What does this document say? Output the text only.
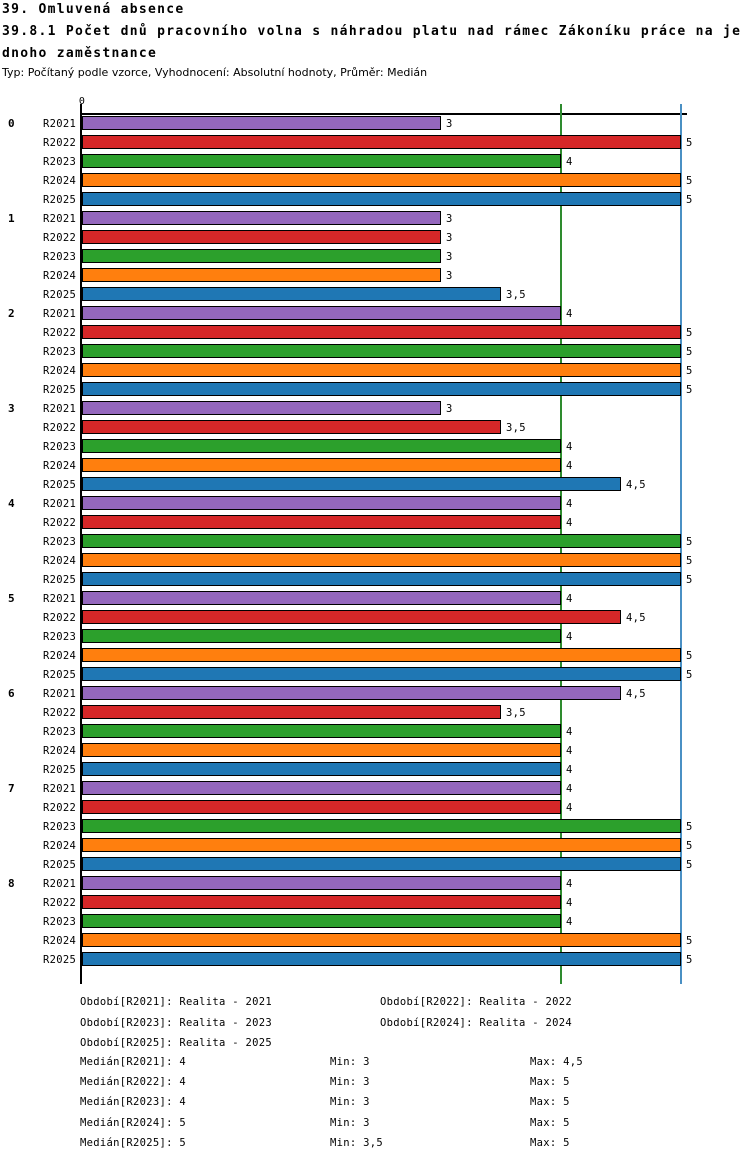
39. Omluvená absence
39.8.1 Počet dnů pracovního volna s náhradou platu nad rámec Zákoníku práce na je
dnoho zaměstnance
Typ: Počítaný podle vzorce, Vyhodnocení: Absolutní hodnoty, Průměr: Medián
0
0	R2021	3
R2022	5
R2023	4
R2024	5
R2025	5
1	R2021	3
R2022	3
R2023	3
R2024	3
R2025	3,5
2	R2021	4
R2022	5
R2023	5
R2024	5
R2025	5
3	R2021	3
R2022	3,5
R2023	4
R2024	4
R2025	4,5
4	R2021	4
R2022	4
R2023	5
R2024	5
R2025	5
5	R2021	4
R2022	4,5
R2023	4
R2024	5
R2025	5
6	R2021	4,5
R2022	3,5
R2023	4
R2024	4
R2025	4
7	R2021	4
R2022	4
R2023	5
R2024	5
R2025	5
8	R2021	4
R2022	4
R2023	4
R2024	5
R2025	5
Období[R2021]: Realita - 2021	Období[R2022]: Realita - 2022
Období[R2023]: Realita - 2023	Období[R2024]: Realita - 2024
Období[R2025]: Realita - 2025
Medián[R2021]: 4	Min: 3	Max: 4,5
Medián[R2022]: 4	Min: 3	Max: 5
Medián[R2023]: 4	Min: 3	Max: 5
Medián[R2024]: 5	Min: 3	Max: 5
Medián[R2025]: 5	Min: 3,5	Max: 5
